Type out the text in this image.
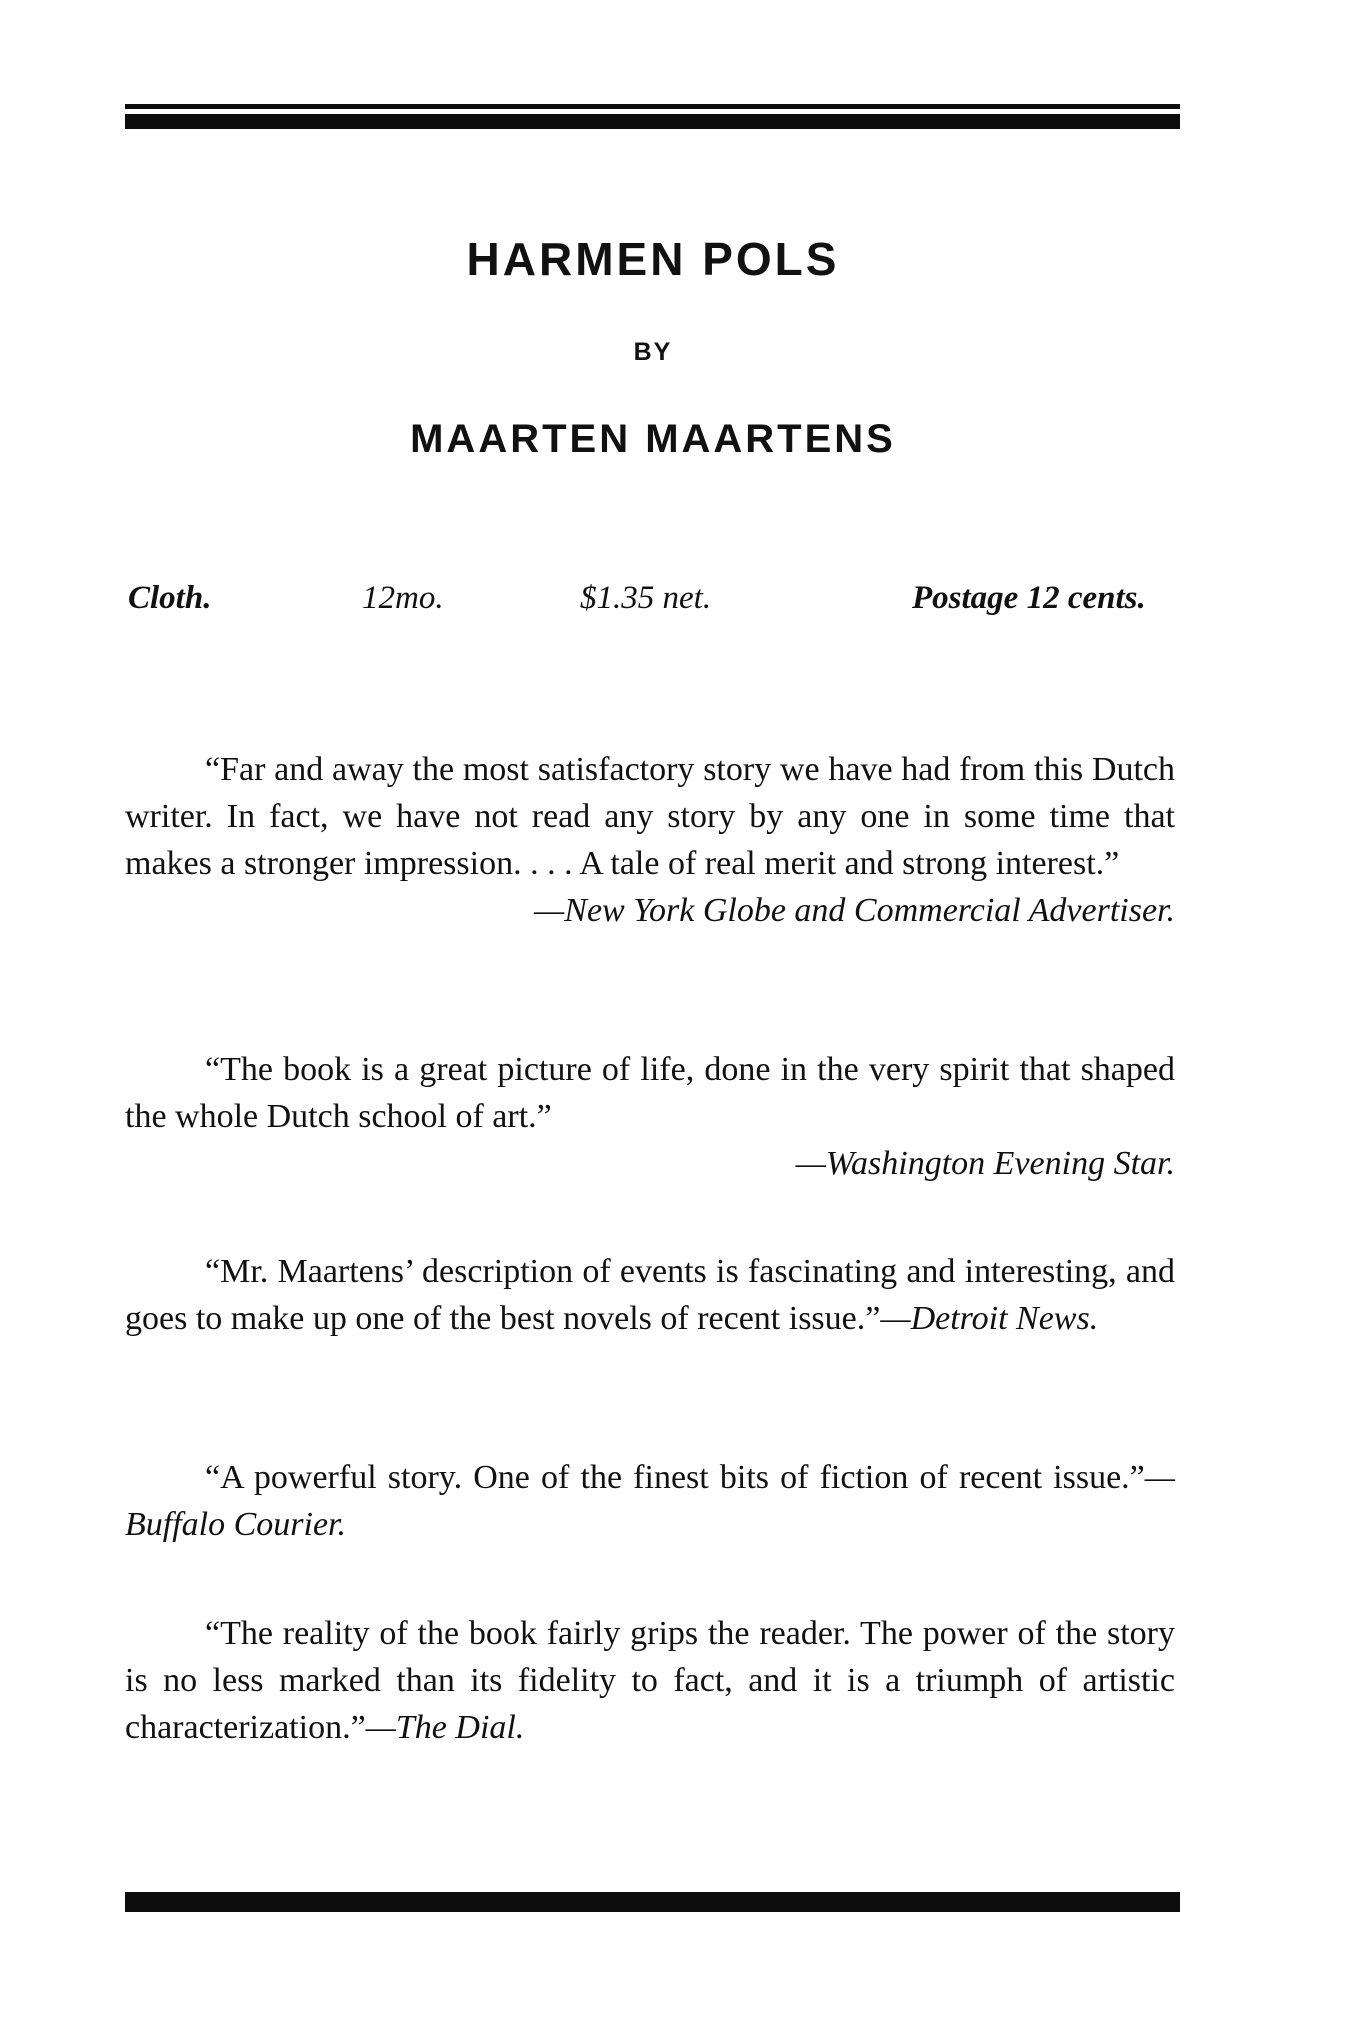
HARMEN POLS
BY
MAARTEN MAARTENS
Cloth.	12mo.	$1.35 net.	Postage 12 cents.

“Far and away the most satisfactory story we have had from this Dutch writer. In fact, we have not read any story by any one in some time that makes a stronger impression. . . . A tale of real merit and strong interest.”

—New York Globe and Commercial Advertiser.

“The book is a great picture of life, done in the very spirit that shaped the whole Dutch school of art.”

—Washington Evening Star.

“Mr. Maartens’ description of events is fascinating and interesting, and goes to make up one of the best novels of recent issue.”—Detroit News.

“A powerful story. One of the finest bits of fiction of recent issue.”—Buffalo Courier.

“The reality of the book fairly grips the reader. The power of the story is no less marked than its fidelity to fact, and it is a triumph of artistic characterization.”—The Dial.
